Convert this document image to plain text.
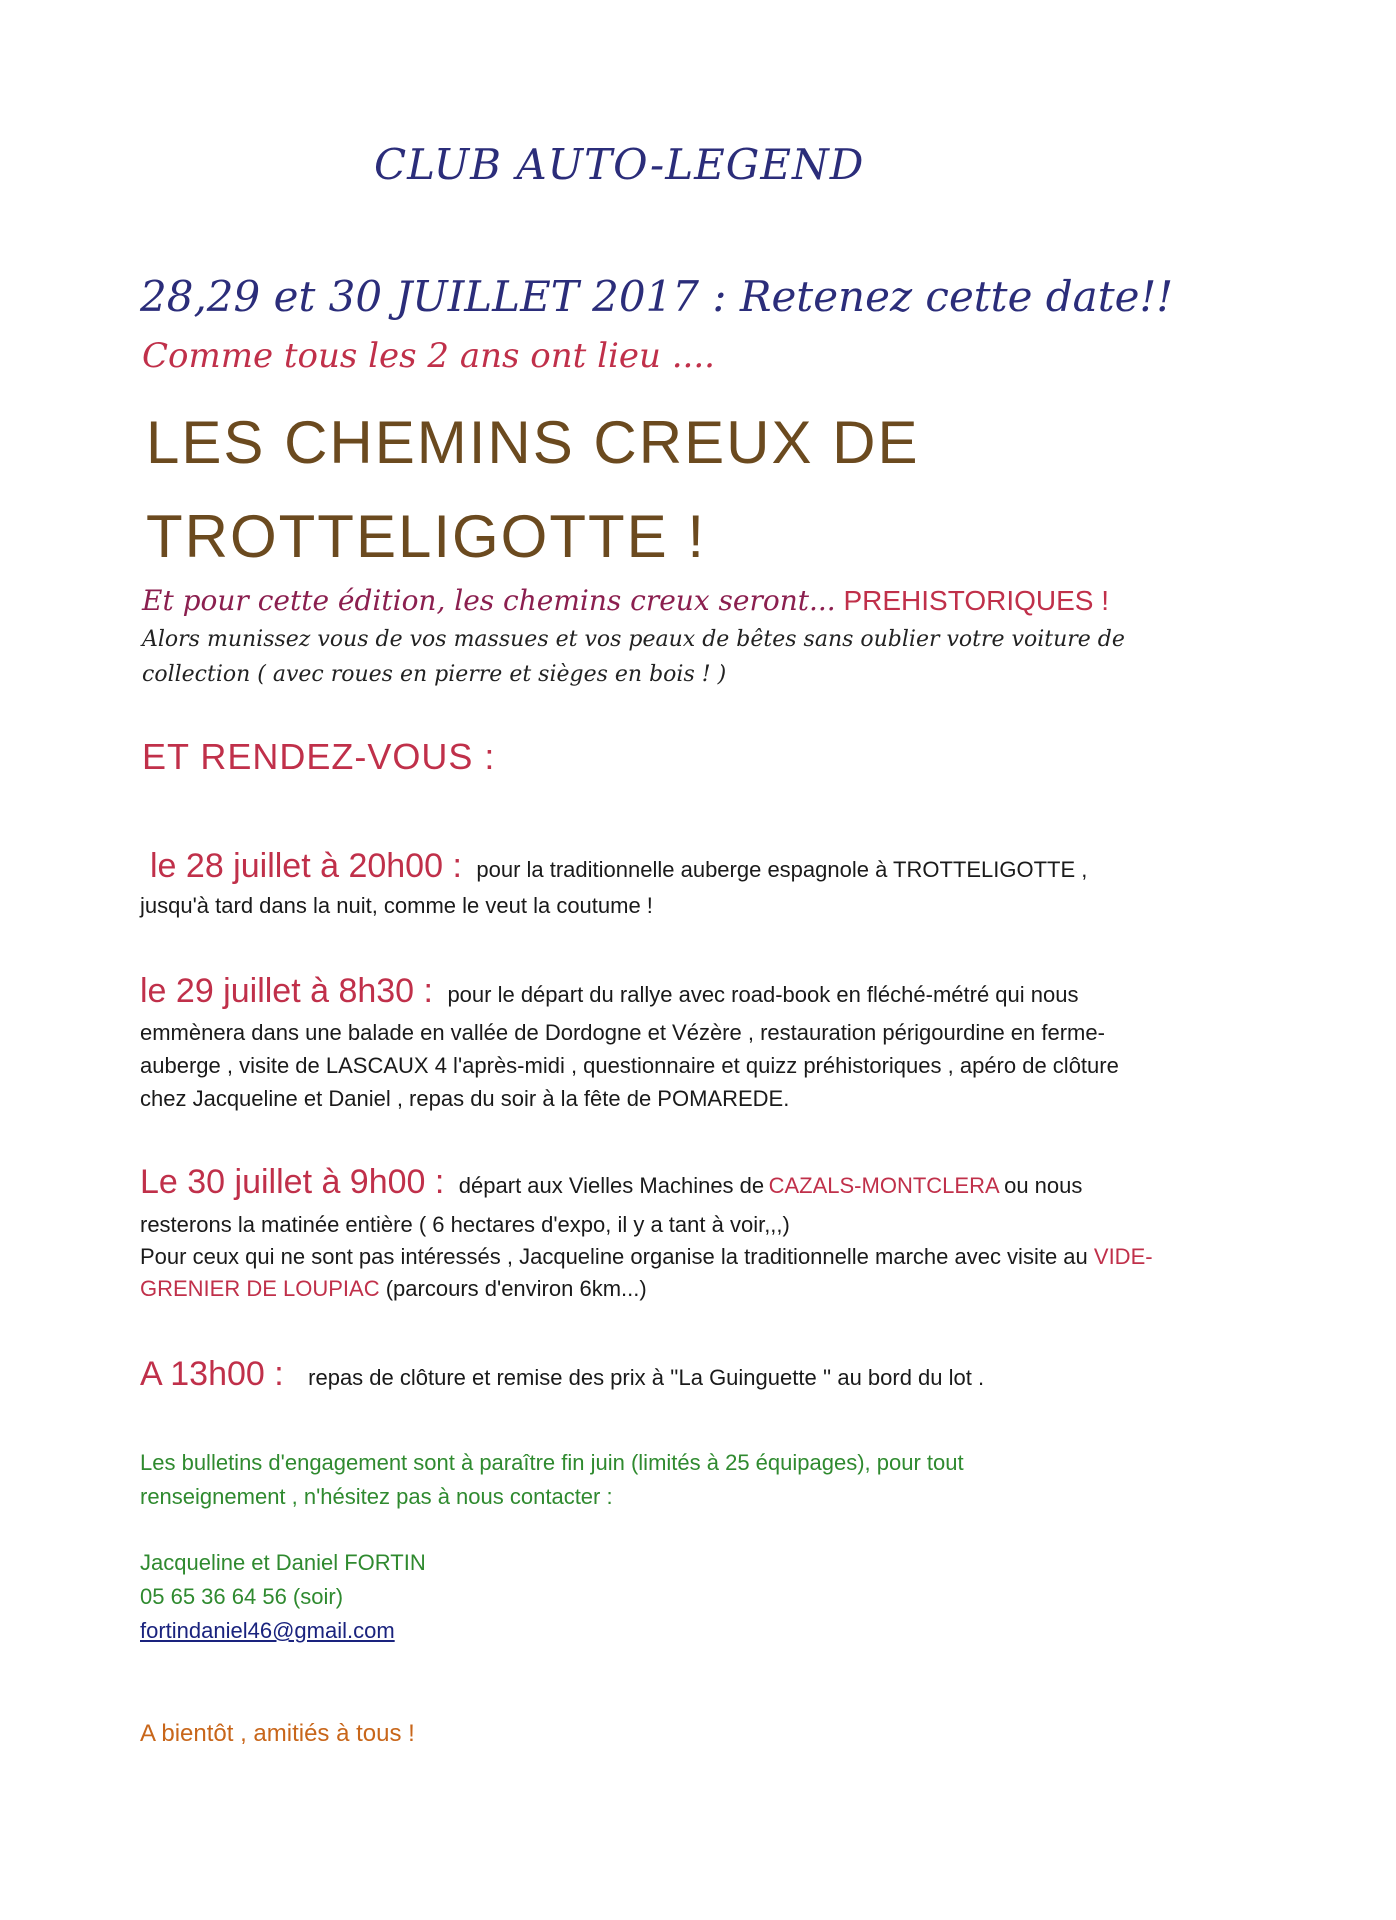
CLUB AUTO-LEGEND
28,29 et 30 JUILLET 2017 : Retenez cette date!!
Comme tous les 2 ans ont lieu ....
LES CHEMINS CREUX DE
TROTTELIGOTTE !
Et pour cette édition, les chemins creux seront... PREHISTORIQUES !
Alors munissez vous de vos massues et vos peaux de bêtes sans oublier votre voiture de
collection ( avec roues en pierre et sièges en bois ! )
ET RENDEZ-VOUS :
le 28 juillet à 20h00 : pour la traditionnelle auberge espagnole à TROTTELIGOTTE ,
jusqu'à tard dans la nuit, comme le veut la coutume !
le 29 juillet à 8h30 : pour le départ du rallye avec road-book en fléché-métré qui nous
emmènera dans une balade en vallée de Dordogne et Vézère , restauration périgourdine en ferme-
auberge , visite de LASCAUX 4 l'après-midi , questionnaire et quizz préhistoriques , apéro de clôture
chez Jacqueline et Daniel , repas du soir à la fête de POMAREDE.
Le 30 juillet à 9h00 : départ aux Vielles Machines de CAZALS-MONTCLERA ou nous
resterons la matinée entière ( 6 hectares d'expo, il y a tant à voir,,,)
Pour ceux qui ne sont pas intéressés , Jacqueline organise la traditionnelle marche avec visite au VIDE-
GRENIER DE LOUPIAC (parcours d'environ 6km...)
A 13h00 : repas de clôture et remise des prix à ''La Guinguette '' au bord du lot .
Les bulletins d'engagement sont à paraître fin juin (limités à 25 équipages), pour tout
renseignement , n'hésitez pas à nous contacter :
Jacqueline et Daniel FORTIN
05 65 36 64 56 (soir)
fortindaniel46@gmail.com
A bientôt , amitiés à tous !
